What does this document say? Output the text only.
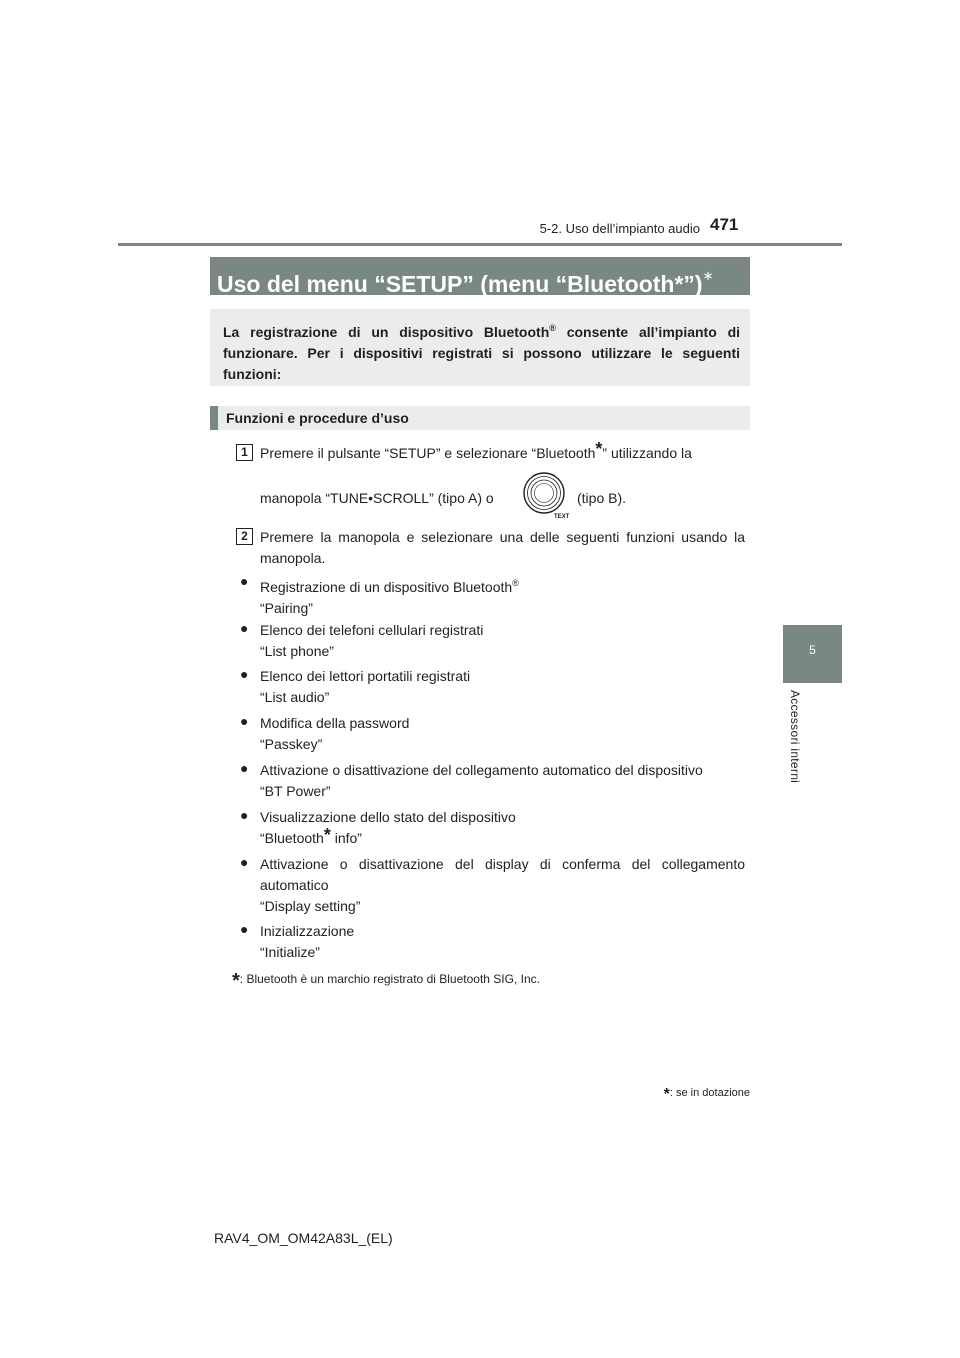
5-2. Uso dell’impianto audio 471
Uso del menu “SETUP” (menu “Bluetooth*”)∗
La registrazione di un dispositivo Bluetooth® consente all’impianto di funzionare. Per i dispositivi registrati si possono utilizzare le seguenti funzioni:
Funzioni e procedure d’uso
1 Premere il pulsante “SETUP” e selezionare “Bluetooth*” utilizzando la
manopola “TUNE•SCROLL” (tipo A) o
TEXT
(tipo B).
2 Premere la manopola e selezionare una delle seguenti funzioni usando la manopola.
● Registrazione di un dispositivo Bluetooth®
“Pairing”
● Elenco dei telefoni cellulari registrati
“List phone”
● Elenco dei lettori portatili registrati
“List audio”
● Modifica della password
“Passkey”
● Attivazione o disattivazione del collegamento automatico del dispositivo
“BT Power”
● Visualizzazione dello stato del dispositivo
“Bluetooth* info”
● Attivazione o disattivazione del display di conferma del collegamento automatico
“Display setting”
● Inizializzazione
“Initialize”
*: Bluetooth è un marchio registrato di Bluetooth SIG, Inc.
*: se in dotazione
5
Accessori interni
RAV4_OM_OM42A83L_(EL)
